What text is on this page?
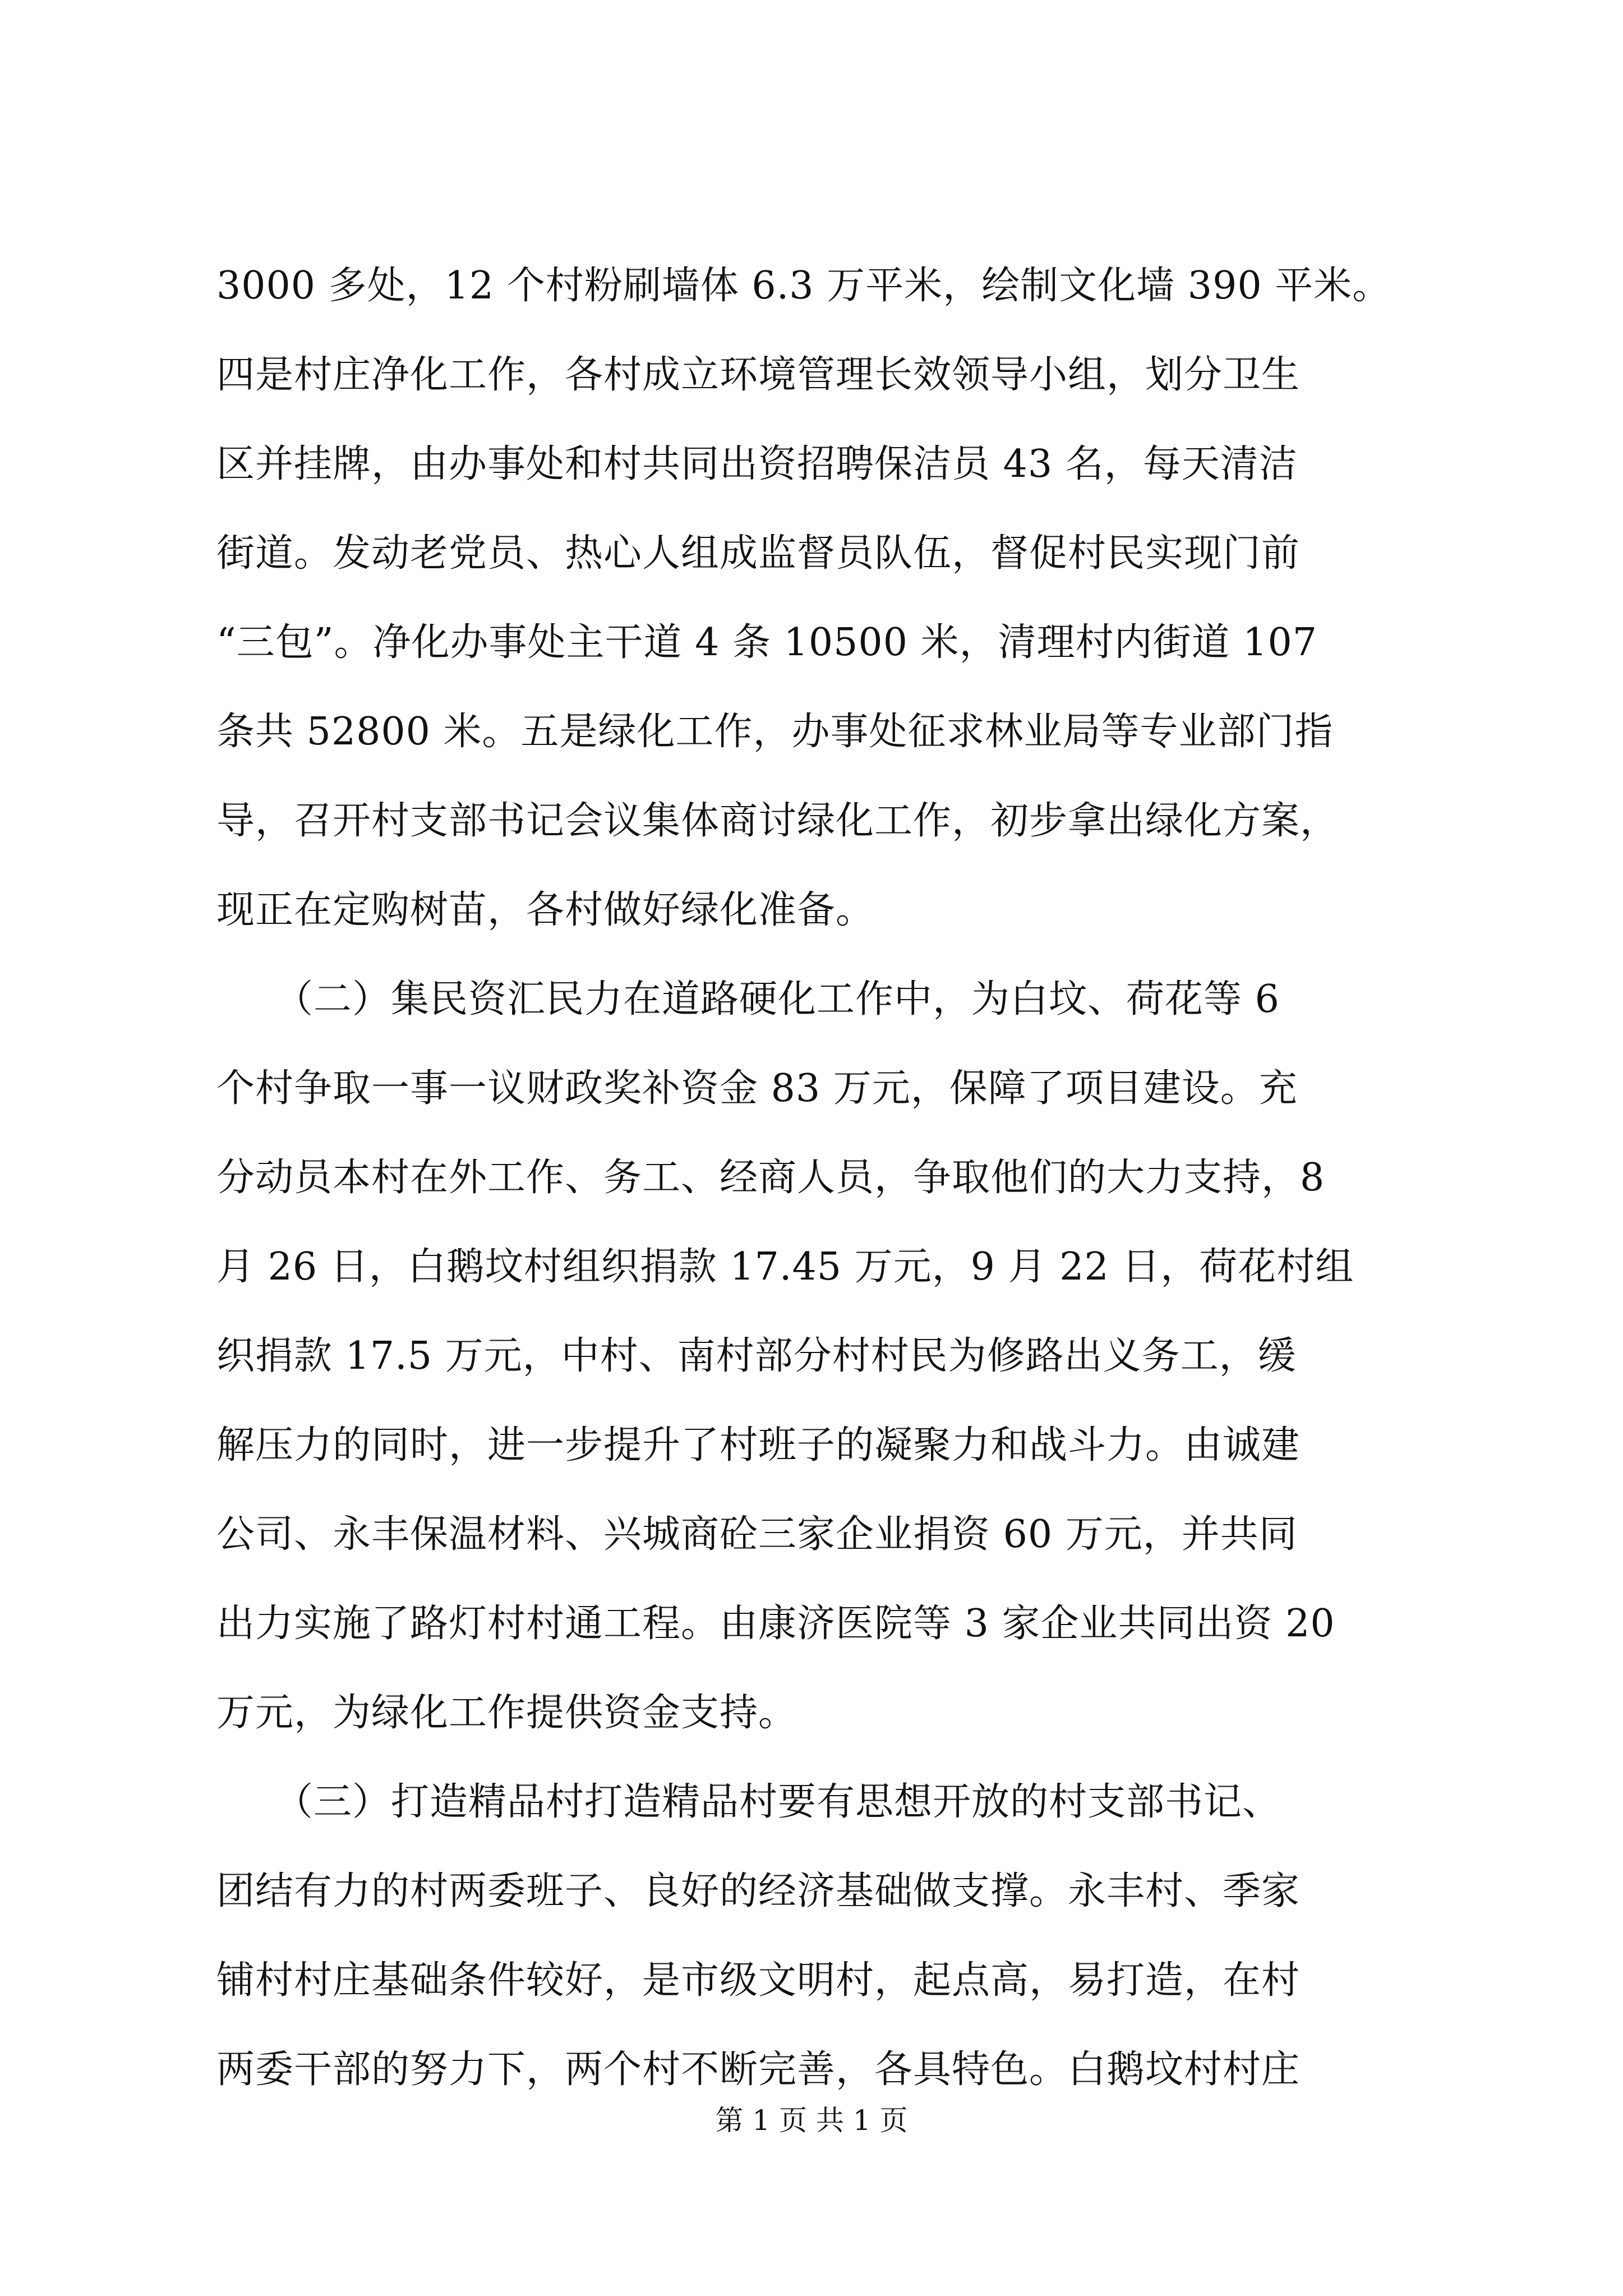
3000 多处，12 个村粉刷墙体 6.3 万平米，绘制文化墙 390 平米。
四是村庄净化工作，各村成立环境管理长效领导小组，划分卫生
区并挂牌，由办事处和村共同出资招聘保洁员 43 名，每天清洁
街道。发动老党员、热心人组成监督员队伍，督促村民实现门前
“三包”。净化办事处主干道 4 条 10500 米，清理村内街道 107
条共 52800 米。五是绿化工作，办事处征求林业局等专业部门指
导，召开村支部书记会议集体商讨绿化工作，初步拿出绿化方案，
现正在定购树苗，各村做好绿化准备。
　　（二）集民资汇民力在道路硬化工作中，为白坟、荷花等 6
个村争取一事一议财政奖补资金 83 万元，保障了项目建设。充
分动员本村在外工作、务工、经商人员，争取他们的大力支持，8
月 26 日，白鹅坟村组织捐款 17.45 万元，9 月 22 日，荷花村组
织捐款 17.5 万元，中村、南村部分村村民为修路出义务工，缓
解压力的同时，进一步提升了村班子的凝聚力和战斗力。由诚建
公司、永丰保温材料、兴城商砼三家企业捐资 60 万元，并共同
出力实施了路灯村村通工程。由康济医院等 3 家企业共同出资 20
万元，为绿化工作提供资金支持。
　　（三）打造精品村打造精品村要有思想开放的村支部书记、
团结有力的村两委班子、良好的经济基础做支撑。永丰村、季家
铺村村庄基础条件较好，是市级文明村，起点高，易打造，在村
两委干部的努力下，两个村不断完善，各具特色。白鹅坟村村庄
第 1 页 共 1 页
